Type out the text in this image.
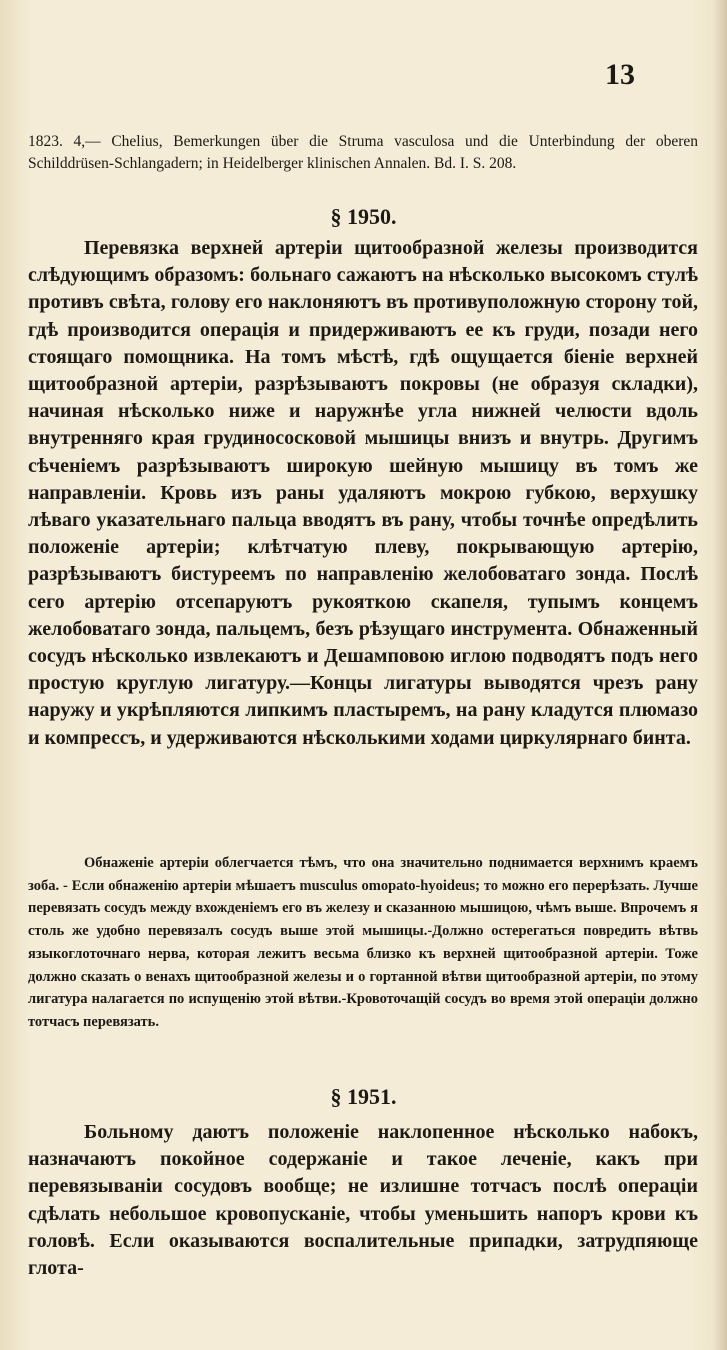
13
1823. 4,— Chelius, Bemerkungen über die Struma vasculosa und die Unterbindung der oberen Schilddrüsen-Schlangadern; in Heidelberger klinischen Annalen. Bd. I. S. 208.
§ 1950.

Перевязка верхней артеріи щитообразной железы производится слѣдующимъ образомъ: больнаго сажаютъ на нѣсколько высокомъ стулѣ противъ свѣта, голову его наклоняютъ въ противуположную сторону той, гдѣ производится операція и придерживаютъ ее къ груди, позади него стоящаго помощника. На томъ мѣстѣ, гдѣ ощущается біеніе верхней щитообразной артеріи, разрѣзываютъ покровы (не образуя складки), начиная нѣсколько ниже и наружнѣе угла нижней челюсти вдоль внутренняго края грудинососковой мышицы внизъ и внутрь. Другимъ сѣченіемъ разрѣзываютъ широкую шейную мышицу въ томъ же направленіи. Кровь изъ раны удаляютъ мокрою губкою, верхушку лѣваго указательнаго пальца вводятъ въ рану, чтобы точнѣе опредѣлить положеніе артеріи; клѣтчатую плеву, покрывающую артерію, разрѣзываютъ бистуреемъ по направленію желобоватаго зонда. Послѣ сего артерію отсепаруютъ рукояткою скапеля, тупымъ концемъ желобоватаго зонда, пальцемъ, безъ рѣзущаго инструмента. Обнаженный сосудъ нѣсколько извлекаютъ и Дешамповою иглою подводятъ подъ него простую круглую лигатуру.—Концы лигатуры выводятся чрезъ рану наружу и укрѣпляются липкимъ пластыремъ, на рану кладутся плюмазо и компрессъ, и удерживаются нѣсколькими ходами циркулярнаго бинта.

Обнаженіе артеріи облегчается тѣмъ, что она значительно поднимается верхнимъ краемъ зоба. - Если обнаженію артеріи мѣшаетъ musculus omopato-hyoideus; то можно его перерѣзать. Лучше перевязать сосудъ между вхожденіемъ его въ железу и сказанною мышицою, чѣмъ выше. Впрочемъ я столь же удобно перевязалъ сосудъ выше этой мышицы.-Должно остерегаться повредить вѣтвь языкоглоточнаго нерва, которая лежитъ весьма близко къ верхней щитообразной артеріи. Тоже должно сказать о венахъ щитообразной железы и о гортанной вѣтви щитообразной артеріи, по этому лигатура налагается по испущенію этой вѣтви.-Кровоточащій сосудъ во время этой операціи должно тотчасъ перевязать.

§ 1951.

Больному даютъ положеніе наклопенное нѣсколько набокъ, назначаютъ покойное содержаніе и такое леченіе, какъ при перевязываніи сосудовъ вообще; не излишне тотчасъ послѣ операціи сдѣлать небольшое кровопусканіе, чтобы уменьшить напоръ крови къ головѣ. Если оказываются воспалительные припадки, затрудпяюще глота-
